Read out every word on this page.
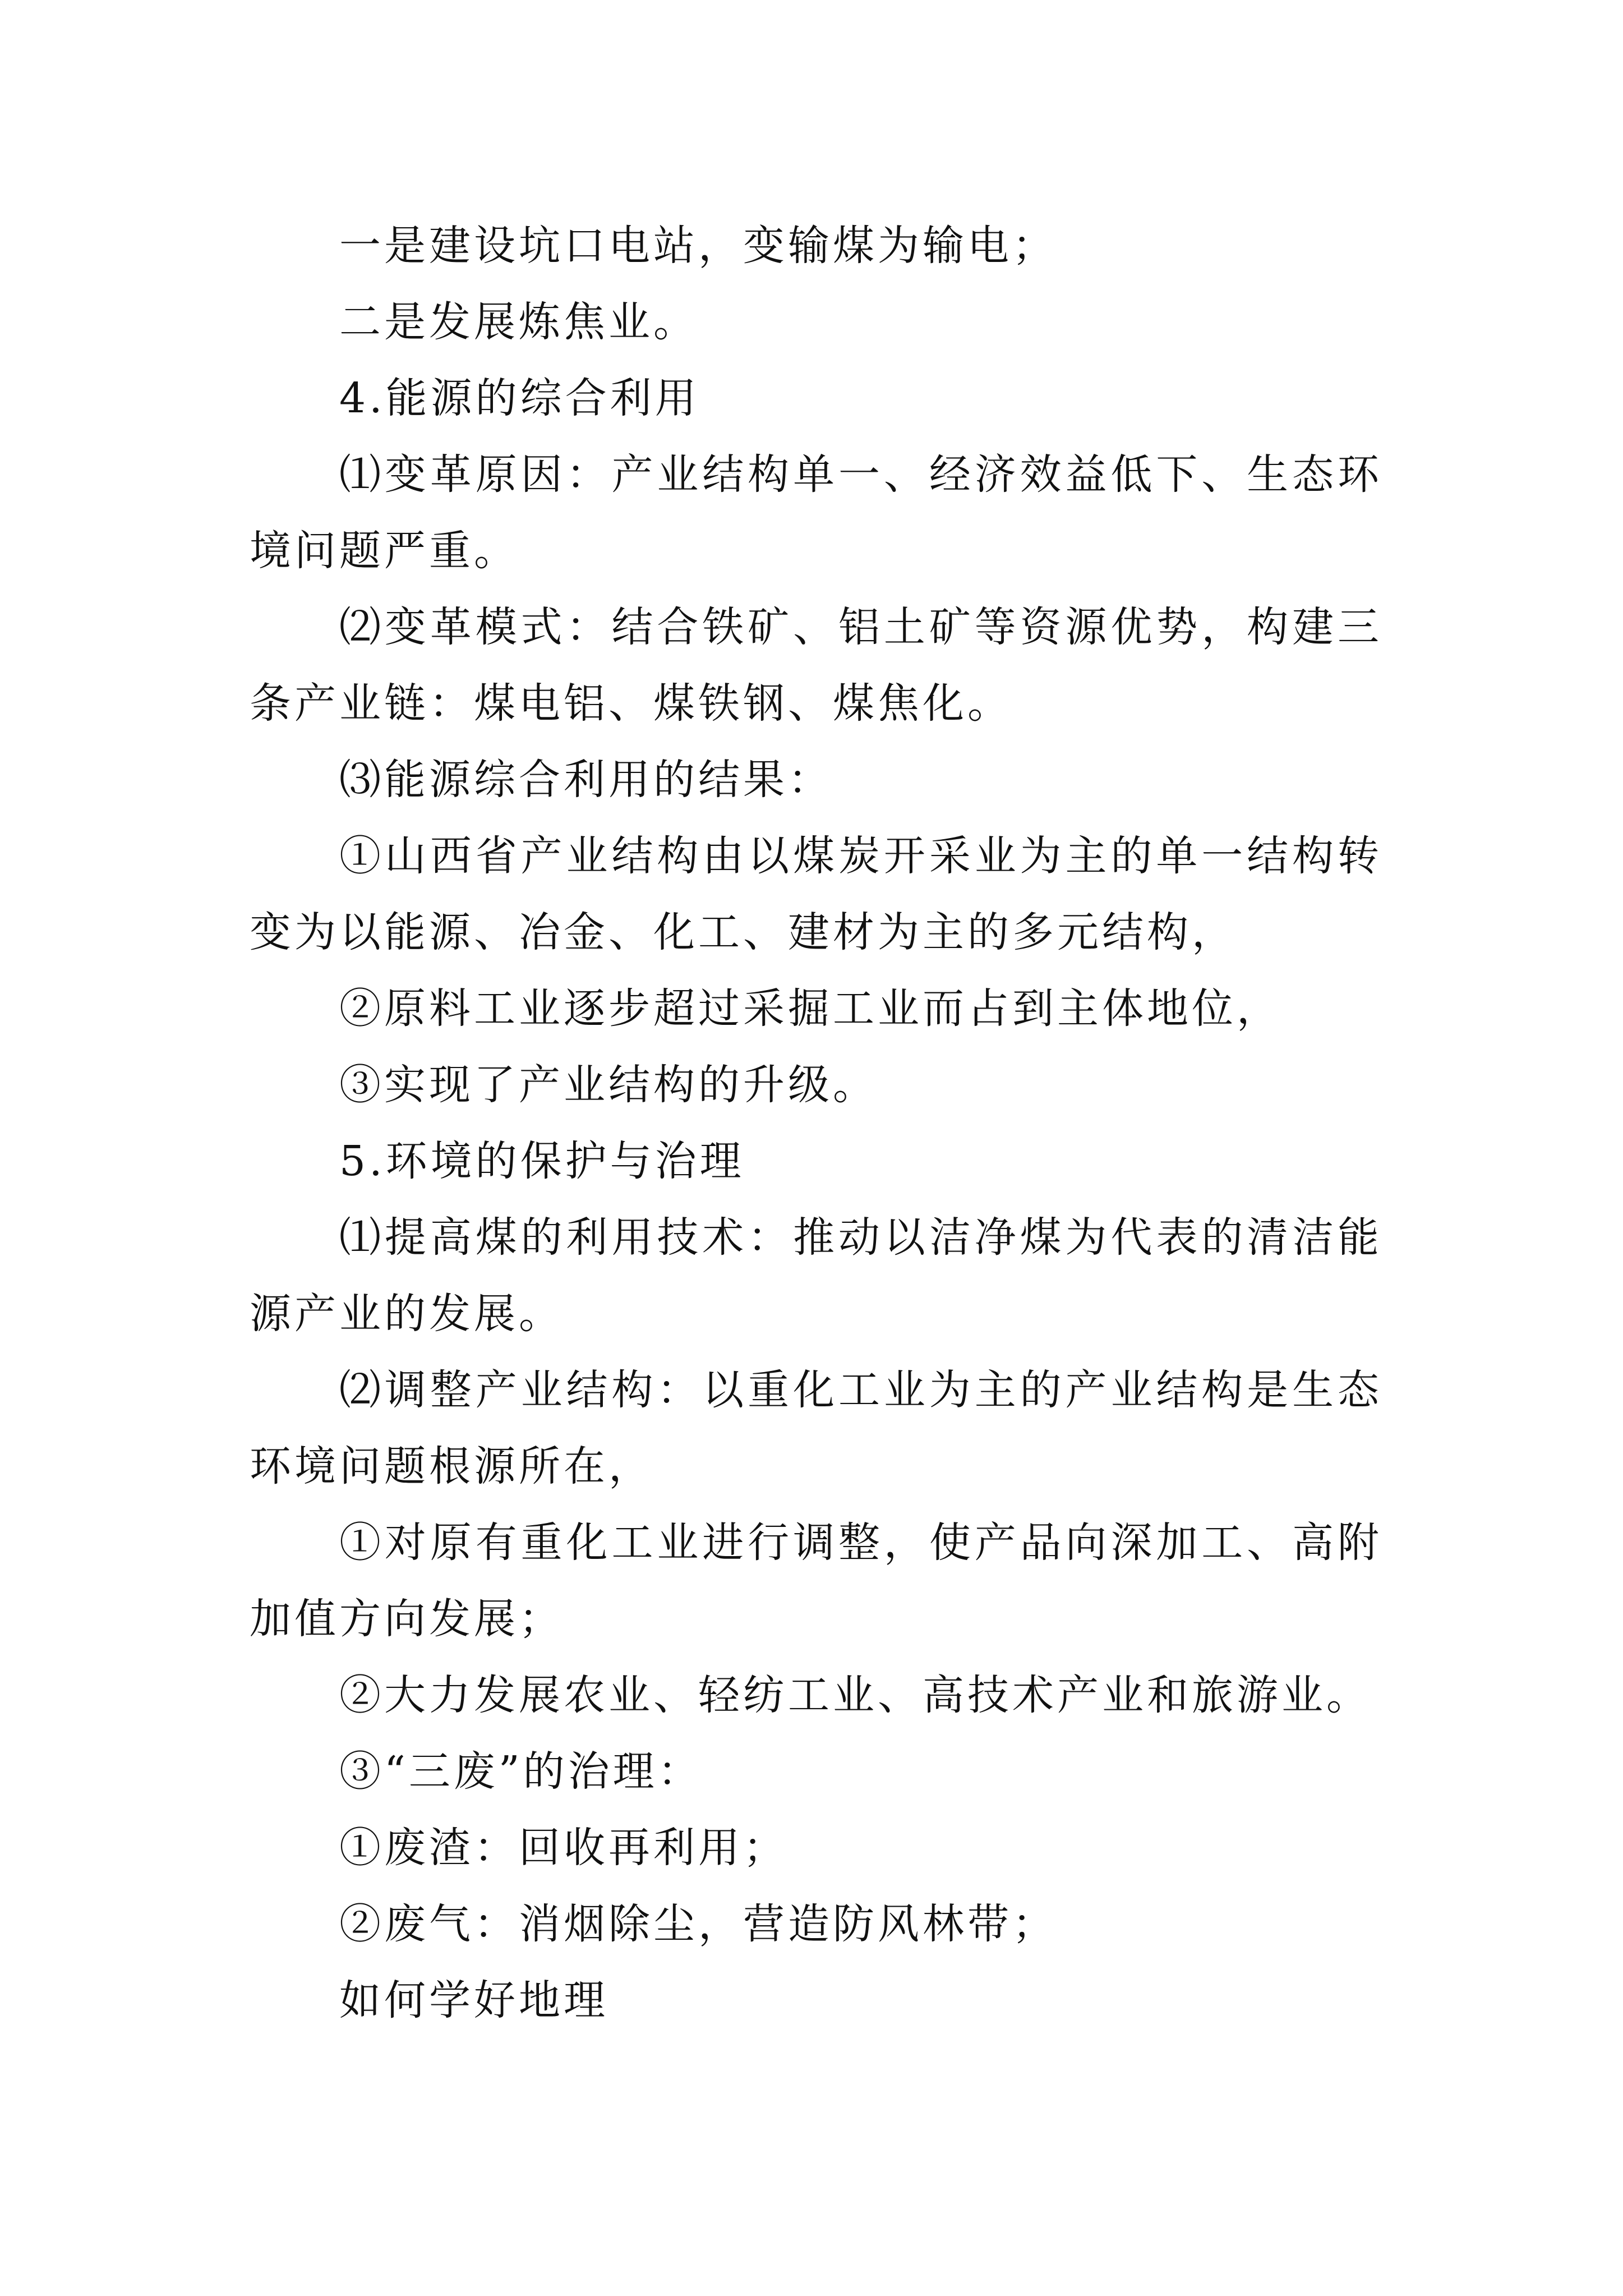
一是建设坑口电站，变输煤为输电；

二是发展炼焦业。

4.能源的综合利用

⑴变革原因：产业结构单一、经济效益低下、生态环境问题严重。

⑵变革模式：结合铁矿、铝土矿等资源优势，构建三条产业链：煤电铝、煤铁钢、煤焦化。

⑶能源综合利用的结果：

①山西省产业结构由以煤炭开采业为主的单一结构转变为以能源、冶金、化工、建材为主的多元结构，

②原料工业逐步超过采掘工业而占到主体地位，

③实现了产业结构的升级。

5.环境的保护与治理

⑴提高煤的利用技术：推动以洁净煤为代表的清洁能源产业的发展。

⑵调整产业结构：以重化工业为主的产业结构是生态环境问题根源所在，

①对原有重化工业进行调整，使产品向深加工、高附加值方向发展；

②大力发展农业、轻纺工业、高技术产业和旅游业。

③“三废”的治理：

①废渣：回收再利用；

②废气：消烟除尘，营造防风林带；

如何学好地理
